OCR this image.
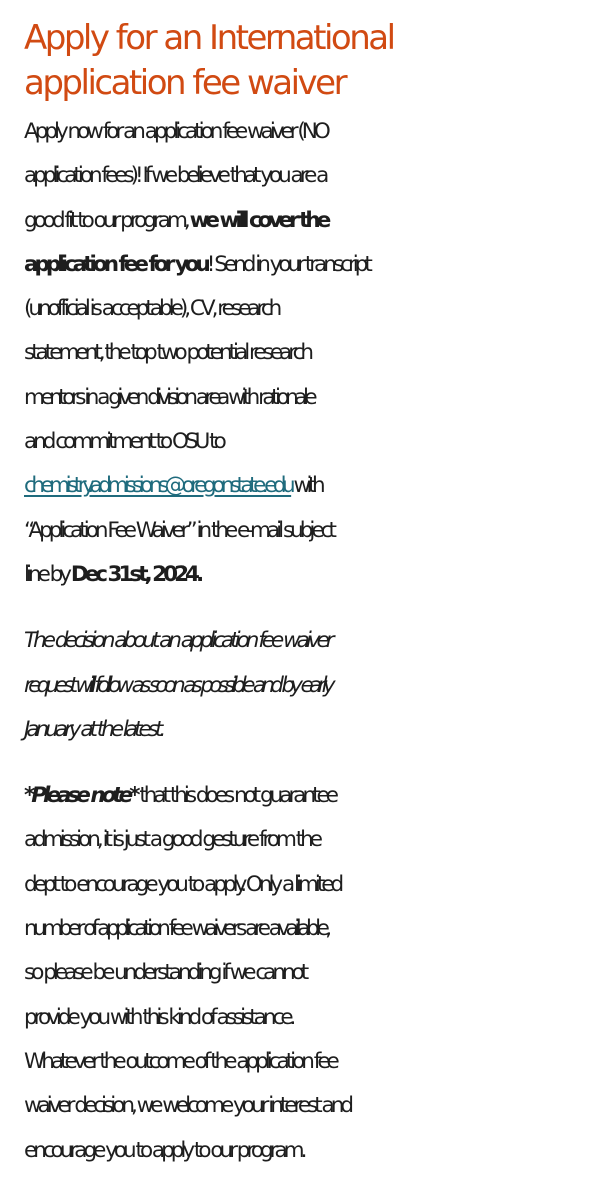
Apply for an International
application fee waiver

Apply now for an application fee waiver (NO
application fees)! If we believe that you are a
good fit to our program, we will cover the
application fee for you! Send in your transcript
(unofficial is acceptable), CV, research
statement, the top two potential research
mentors in a given division area with rationale
and commitment to OSU to
chemistry.admissions@oregonstate.edu with
“Application Fee Waiver” in the e-mail subject
line by Dec 31st, 2024.

The decision about an application fee waiver
request will follow as soon as possible and by early
January at the latest.

*Please note* that this does not guarantee
admission, it is just a good gesture from the
dept to encourage you to apply. Only a limited
number of application fee waivers are available,
so please be understanding if we cannot
provide you with this kind of assistance.
Whatever the outcome of the application fee
waiver decision, we welcome your interest and
encourage you to apply to our program.
